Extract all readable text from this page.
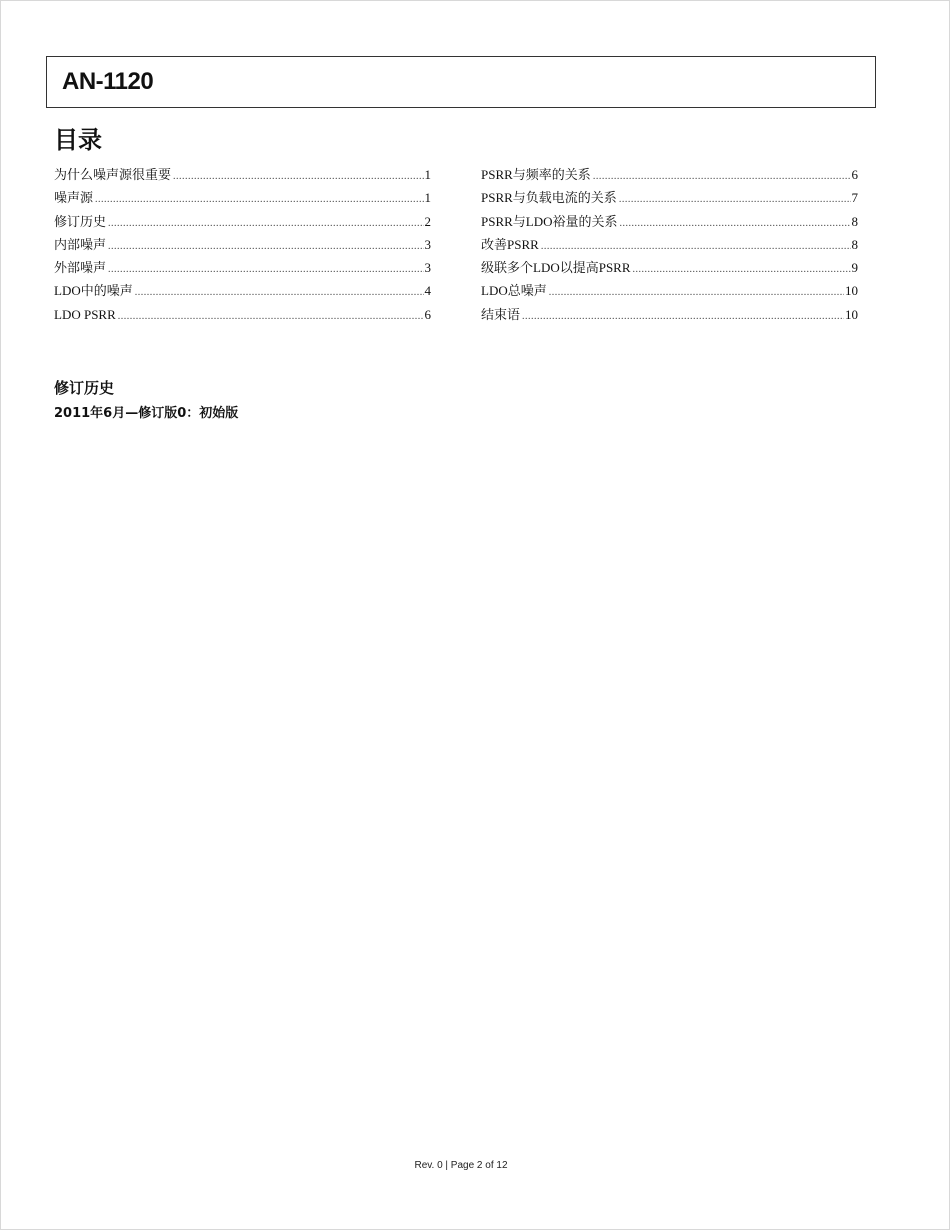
AN-1120
目录
为什么噪声源很重要 .....	1
噪声源 .....	1
修订历史 .....	2
内部噪声 .....	3
外部噪声 .....	3
LDO中的噪声 .....	4
LDO PSRR .....	6
PSRR与频率的关系 .....	6
PSRR与负载电流的关系 .....	7
PSRR与LDO裕量的关系 .....	8
改善PSRR .....	8
级联多个LDO以提高PSRR .....	9
LDO总噪声 .....	10
结束语 .....	10
修订历史
2011年6月—修订版0：初始版
Rev. 0 | Page 2 of 12
